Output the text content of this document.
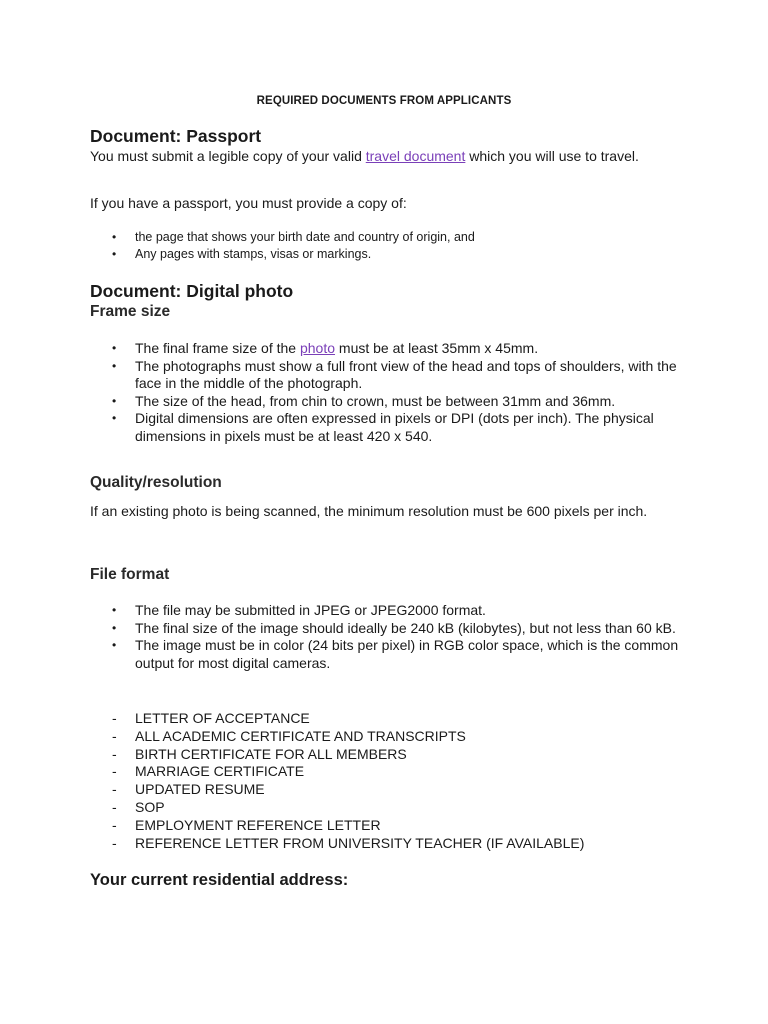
REQUIRED DOCUMENTS FROM APPLICANTS
Document: Passport

You must submit a legible copy of your valid travel document which you will use to travel.

If you have a passport, you must provide a copy of:

• the page that shows your birth date and country of origin, and
• Any pages with stamps, visas or markings.
Document: Digital photo
Frame size
• The final frame size of the photo must be at least 35mm x 45mm.
• The photographs must show a full front view of the head and tops of shoulders, with the face in the middle of the photograph.
• The size of the head, from chin to crown, must be between 31mm and 36mm.
• Digital dimensions are often expressed in pixels or DPI (dots per inch). The physical dimensions in pixels must be at least 420 x 540.
Quality/resolution

If an existing photo is being scanned, the minimum resolution must be 600 pixels per inch.

File format
• The file may be submitted in JPEG or JPEG2000 format.
• The final size of the image should ideally be 240 kB (kilobytes), but not less than 60 kB.
• The image must be in color (24 bits per pixel) in RGB color space, which is the common output for most digital cameras.
- LETTER OF ACCEPTANCE
- ALL ACADEMIC CERTIFICATE AND TRANSCRIPTS
- BIRTH CERTIFICATE FOR ALL MEMBERS
- MARRIAGE CERTIFICATE
- UPDATED RESUME
- SOP
- EMPLOYMENT REFERENCE LETTER
- REFERENCE LETTER FROM UNIVERSITY TEACHER (IF AVAILABLE)
Your current residential address:
